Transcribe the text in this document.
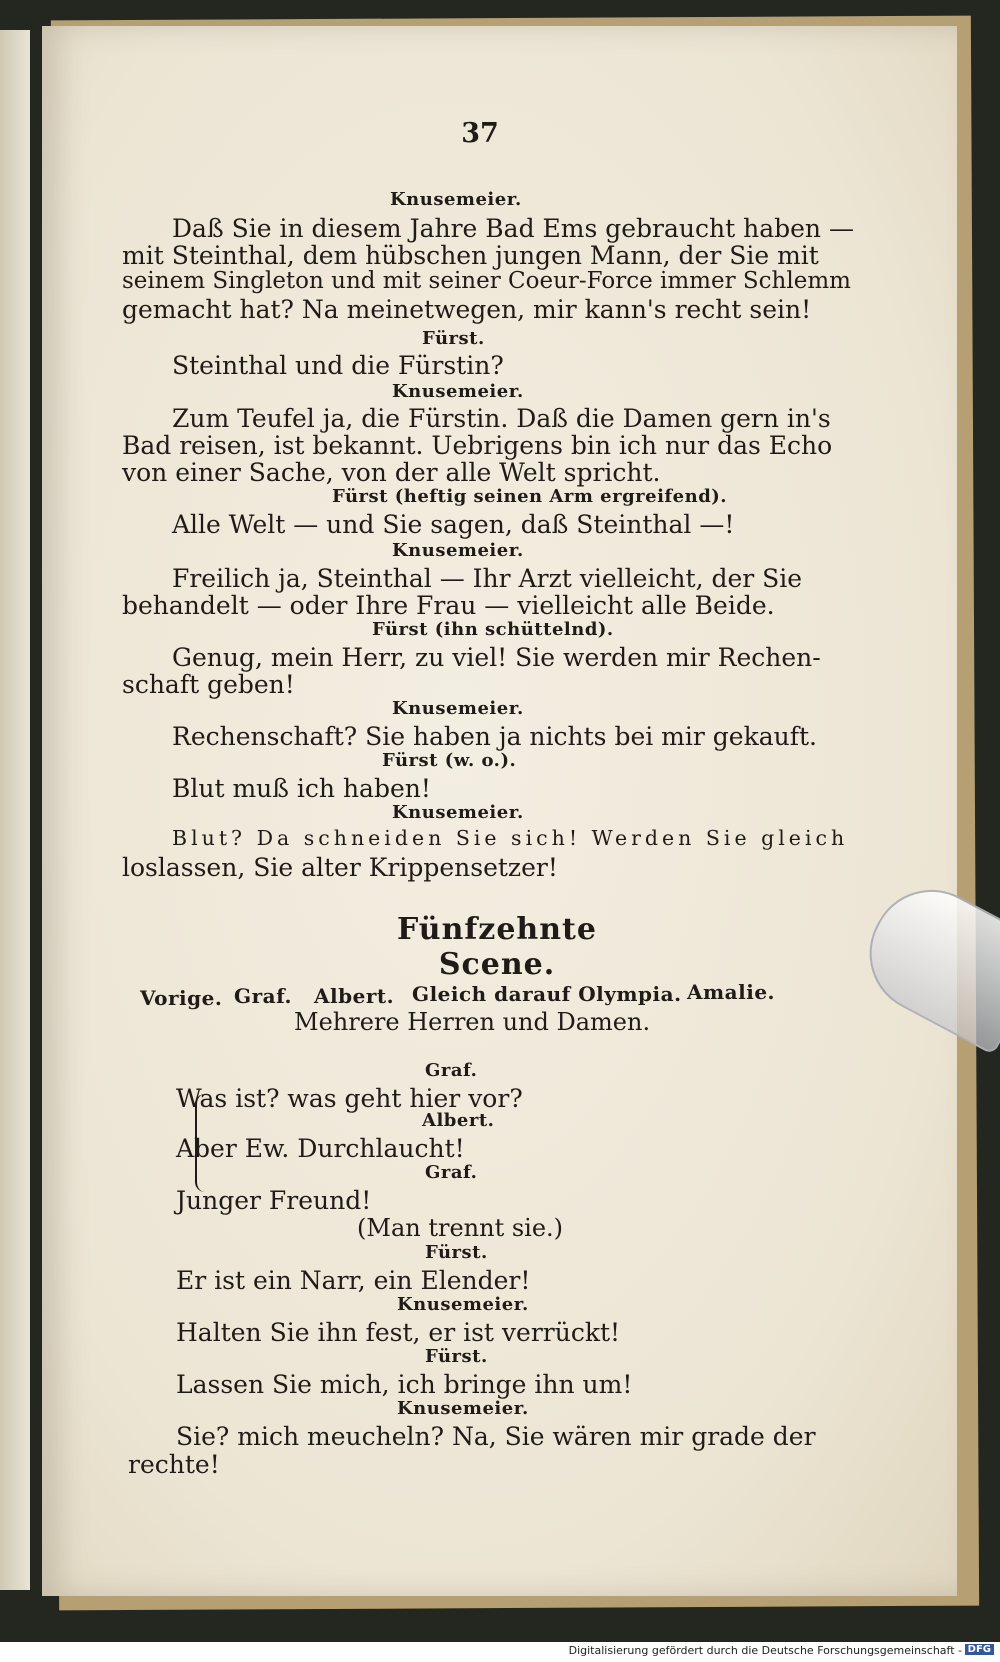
37
Knusemeier.
Daß Sie in diesem Jahre Bad Ems gebraucht haben —
mit Steinthal, dem hübschen jungen Mann, der Sie mit
seinem Singleton und mit seiner Coeur-Force immer Schlemm
gemacht hat? Na meinetwegen, mir kann's recht sein!
Fürst.
Steinthal und die Fürstin?
Knusemeier.
Zum Teufel ja, die Fürstin. Daß die Damen gern in's
Bad reisen, ist bekannt. Uebrigens bin ich nur das Echo
von einer Sache, von der alle Welt spricht.
Fürst (heftig seinen Arm ergreifend).
Alle Welt — und Sie sagen, daß Steinthal —!
Knusemeier.
Freilich ja, Steinthal — Ihr Arzt vielleicht, der Sie
behandelt — oder Ihre Frau — vielleicht alle Beide.
Fürst (ihn schüttelnd).
Genug, mein Herr, zu viel! Sie werden mir Rechen-
schaft geben!
Knusemeier.
Rechenschaft? Sie haben ja nichts bei mir gekauft.
Fürst (w. o.).
Blut muß ich haben!
Knusemeier.
Blut? Da schneiden Sie sich! Werden Sie gleich
loslassen, Sie alter Krippensetzer!
Fünfzehnte Scene.
Vorige. Graf. Albert. Gleich darauf Olympia. Amalie.
Mehrere Herren und Damen.
Graf.
Was ist? was geht hier vor?
Albert.
Aber Ew. Durchlaucht!
Graf.
Junger Freund!
(Man trennt sie.)
Fürst.
Er ist ein Narr, ein Elender!
Knusemeier.
Halten Sie ihn fest, er ist verrückt!
Fürst.
Lassen Sie mich, ich bringe ihn um!
Knusemeier.
Sie? mich meucheln? Na, Sie wären mir grade der
rechte!
Digitalisierung gefördert durch die Deutsche Forschungsgemeinschaft - DFG
